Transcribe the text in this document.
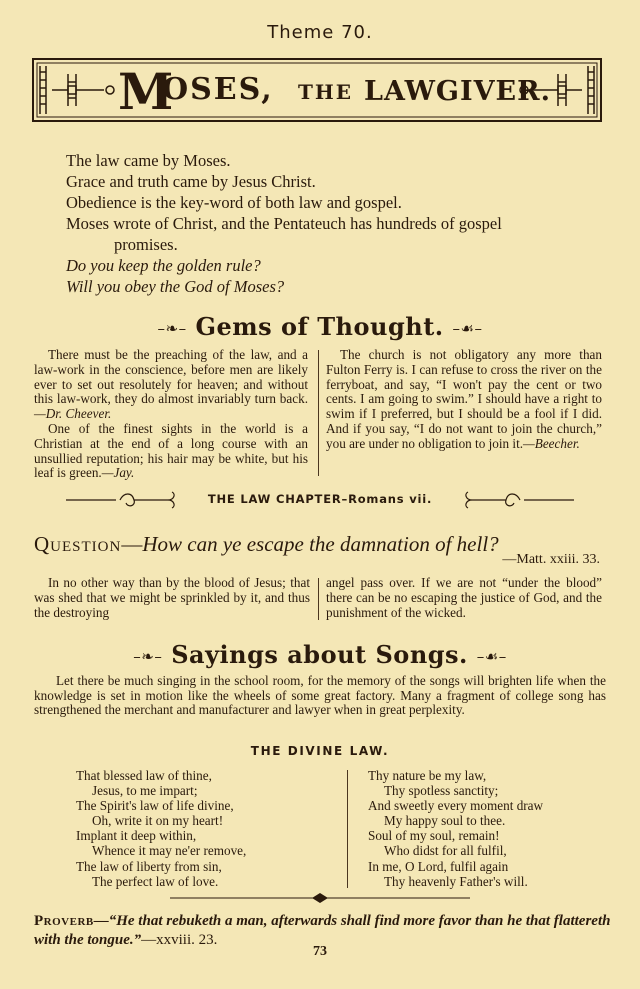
Theme 70.
M
OSES, THE LAWGIVER.
The law came by Moses.
Grace and truth came by Jesus Christ.
Obedience is the key-word of both law and gospel.
Moses wrote of Christ, and the Pentateuch has hundreds of gospel
promises.
Do you keep the golden rule?
Will you obey the God of Moses?
–❧– Gems of Thought. –☙–

There must be the preaching of the law, and a law-work in the conscience, before men are likely ever to set out resolutely for heaven; and without this law-work, they do almost invariably turn back.—Dr. Cheever.

One of the finest sights in the world is a Christian at the end of a long course with an unsullied reputation; his hair may be white, but his leaf is green.—Jay.

The church is not obligatory any more than Fulton Ferry is. I can refuse to cross the river on the ferryboat, and say, “I won't pay the cent or two cents. I am going to swim.” I should have a right to swim if I preferred, but I should be a fool if I did. And if you say, “I do not want to join the church,” you are under no obligation to join it.—Beecher.

THE LAW CHAPTER–Romans vii.
Question—How can ye escape the damnation of hell?
—Matt. xxiii. 33.

In no other way than by the blood of Jesus; that was shed that we might be sprinkled by it, and thus the destroying

angel pass over. If we are not “under the blood” there can be no escaping the justice of God, and the punishment of the wicked.

–❧– Sayings about Songs. –☙–

Let there be much singing in the school room, for the memory of the songs will brighten life when the knowledge is set in motion like the wheels of some great factory. Many a fragment of college song has strengthened the merchant and manufacturer and lawyer when in great perplexity.

THE DIVINE LAW.
That blessed law of thine,
Jesus, to me impart;
The Spirit's law of life divine,
Oh, write it on my heart!
Implant it deep within,
Whence it may ne'er remove,
The law of liberty from sin,
The perfect law of love.
Thy nature be my law,
Thy spotless sanctity;
And sweetly every moment draw
My happy soul to thee.
Soul of my soul, remain!
Who didst for all fulfil,
In me, O Lord, fulfil again
Thy heavenly Father's will.
Proverb—“He that rebuketh a man, afterwards shall find more favor than he that flattereth with the tongue.”—xxviii. 23.
73
